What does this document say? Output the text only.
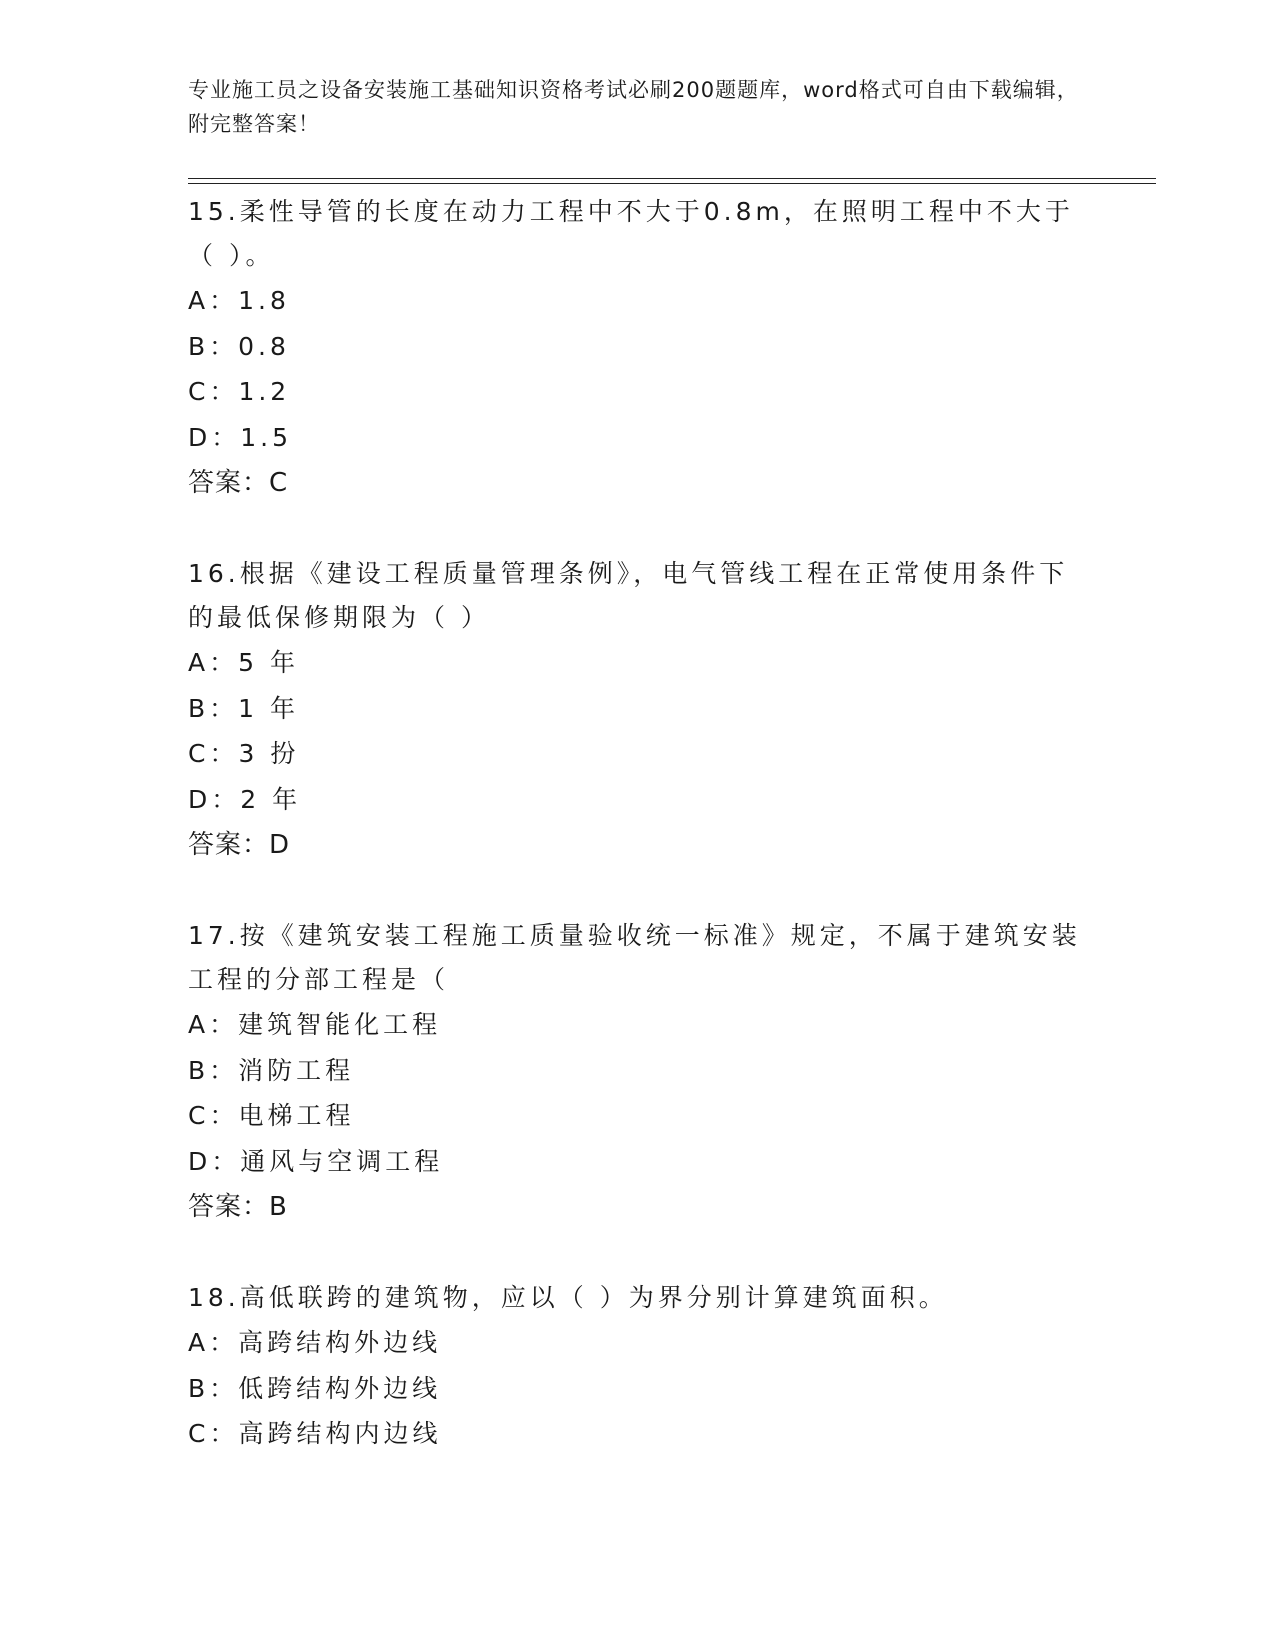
专业施工员之设备安装施工基础知识资格考试必刷200题题库，word格式可自由下载编辑，附完整答案！

15.柔性导管的长度在动力工程中不大于0.8m，在照明工程中不大于（ ）。

A：1.8

B：0.8

C：1.2

D：1.5

答案：C

16.根据《建设工程质量管理条例》，电气管线工程在正常使用条件下的最低保修期限为（ ）

A：5 年

B：1 年

C：3 扮

D：2 年

答案：D

17.按《建筑安装工程施工质量验收统一标准》规定，不属于建筑安装工程的分部工程是（

A：建筑智能化工程

B：消防工程

C：电梯工程

D：通风与空调工程

答案：B

18.高低联跨的建筑物，应以（ ）为界分别计算建筑面积。

A：高跨结构外边线

B：低跨结构外边线

C：高跨结构内边线
